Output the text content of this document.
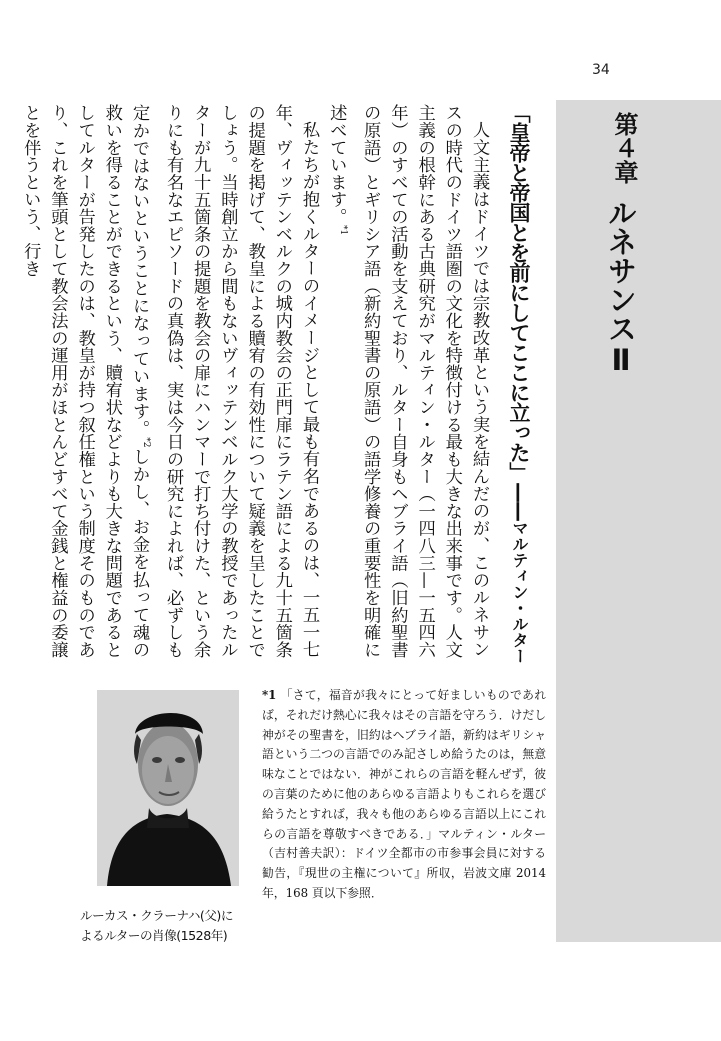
34
第４章
ルネサンスⅡ
「皇帝と帝国とを前にしてここに立った」——マルティン・ルター

人文主義はドイツでは宗教改革という実を結んだのが、このルネサンスの時代のドイツ語圏の文化を特徴付ける最も大きな出来事です。人文主義の根幹にある古典研究がマルティン・ルター（一四八三—一五四六年）のすべての活動を支えており、ルター自身もヘブライ語（旧約聖書の原語）とギリシア語（新約聖書の原語）の語学修養の重要性を明確に述べています。$^{*1}$

私たちが抱くルターのイメージとして最も有名であるのは、一五一七年、ヴィッテンベルクの城内教会の正門扉にラテン語による九十五箇条の提題を掲げて、教皇による贖宥の有効性について疑義を呈したことでしょう。当時創立から間もないヴィッテンベルク大学の教授であったルターが九十五箇条の提題を教会の扉にハンマーで打ち付けた、という余りにも有名なエピソードの真偽は、実は今日の研究によれば、必ずしも定かではないということになっています。$^{*2}$しかし、お金を払って魂の救いを得ることができるという、贖宥状などよりも大きな問題であるとしてルターが告発したのは、教皇が持つ叙任権という制度そのものであり、これを筆頭として教会法の運用がほとんどすべて金銭と権益の委譲とを伴うという、行き

ルーカス・クラーナハ(父)に
よるルターの肖像(1528年)
*1 「さて，福音が我々にとって好ましいものであれば，それだけ熱心に我々はその言語を守ろう．けだし神がその聖書を，旧約はヘブライ語，新約はギリシャ語という二つの言語でのみ記さしめ給うたのは，無意味なことではない．神がこれらの言語を軽んぜず，彼の言葉のために他のあらゆる言語よりもこれらを選び給うたとすれば，我々も他のあらゆる言語以上にこれらの言語を尊敬すべきである．」マルティン・ルター（吉村善夫訳）：ドイツ全都市の市参事会員に対する勧告，『現世の主権について』所収，岩波文庫 2014 年，168 頁以下参照．
